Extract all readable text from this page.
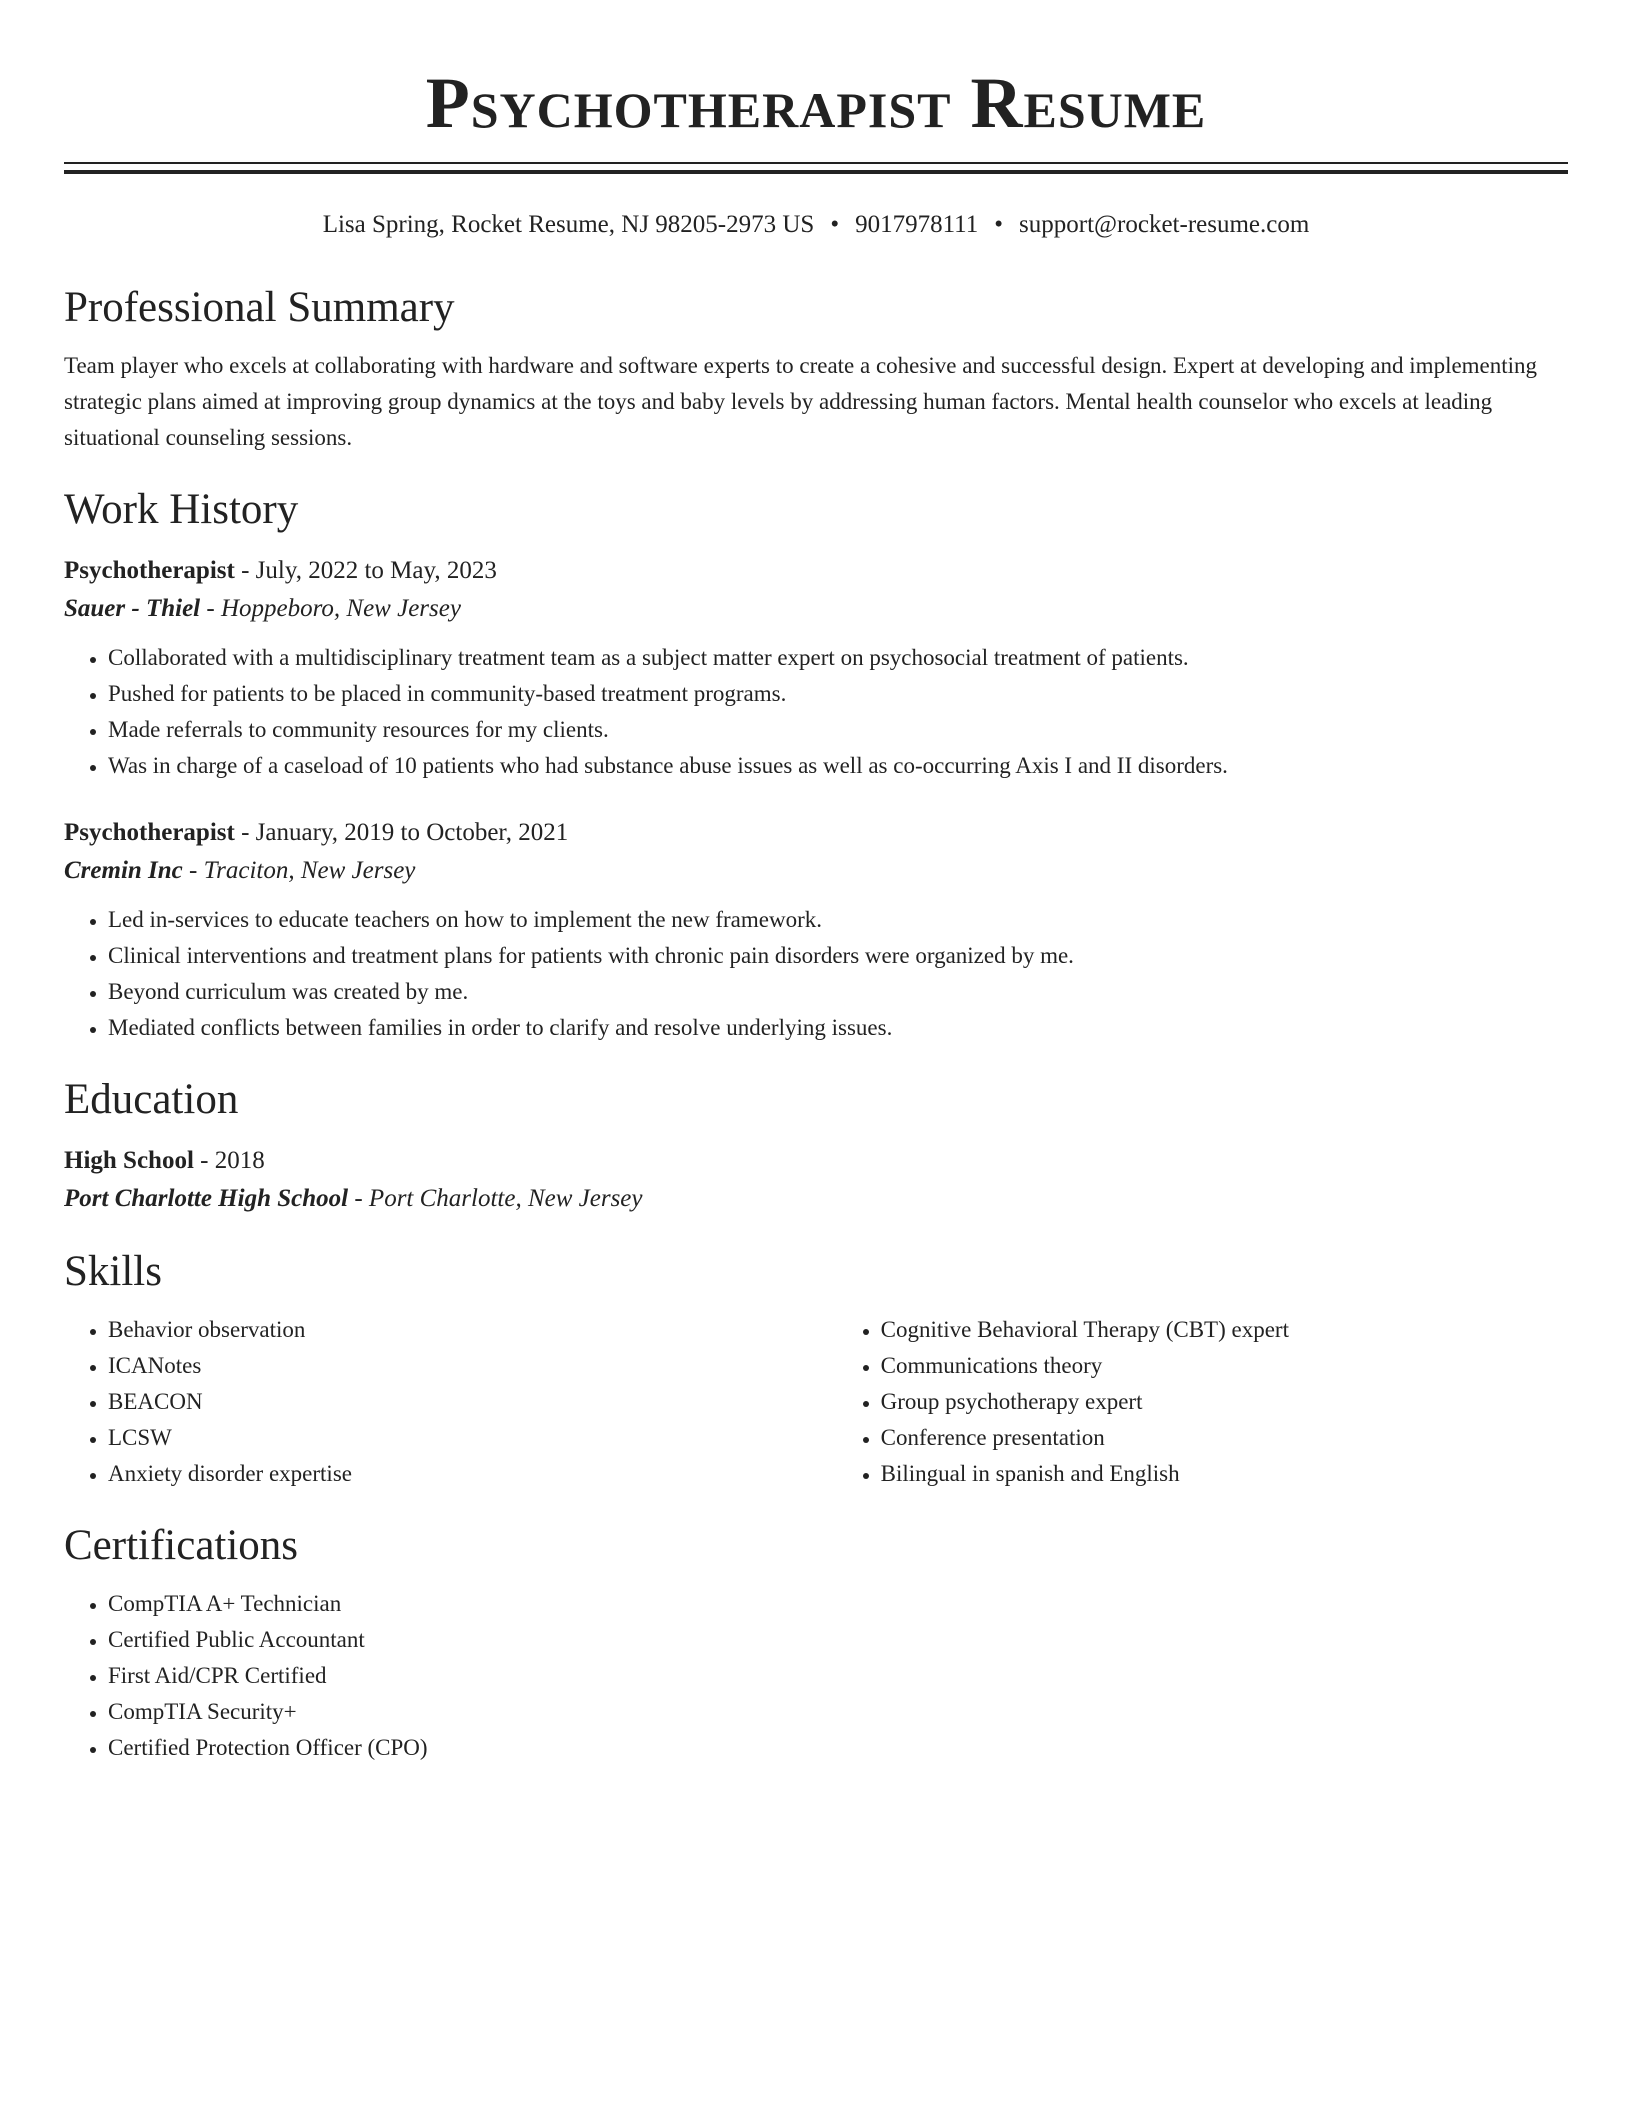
Psychotherapist Resume
Lisa Spring, Rocket Resume, NJ 98205-2973 US • 9017978111 • support@rocket-resume.com
Professional Summary
Team player who excels at collaborating with hardware and software experts to create a cohesive and successful design. Expert at developing and implementing strategic plans aimed at improving group dynamics at the toys and baby levels by addressing human factors. Mental health counselor who excels at leading situational counseling sessions.
Work History
Psychotherapist - July, 2022 to May, 2023
Sauer - Thiel - Hoppeboro, New Jersey
• Collaborated with a multidisciplinary treatment team as a subject matter expert on psychosocial treatment of patients.
• Pushed for patients to be placed in community-based treatment programs.
• Made referrals to community resources for my clients.
• Was in charge of a caseload of 10 patients who had substance abuse issues as well as co-occurring Axis I and II disorders.
Psychotherapist - January, 2019 to October, 2021
Cremin Inc - Traciton, New Jersey
• Led in-services to educate teachers on how to implement the new framework.
• Clinical interventions and treatment plans for patients with chronic pain disorders were organized by me.
• Beyond curriculum was created by me.
• Mediated conflicts between families in order to clarify and resolve underlying issues.
Education
High School - 2018
Port Charlotte High School - Port Charlotte, New Jersey
Skills
• Behavior observation
• ICANotes
• BEACON
• LCSW
• Anxiety disorder expertise
• Cognitive Behavioral Therapy (CBT) expert
• Communications theory
• Group psychotherapy expert
• Conference presentation
• Bilingual in spanish and English
Certifications
• CompTIA A+ Technician
• Certified Public Accountant
• First Aid/CPR Certified
• CompTIA Security+
• Certified Protection Officer (CPO)
